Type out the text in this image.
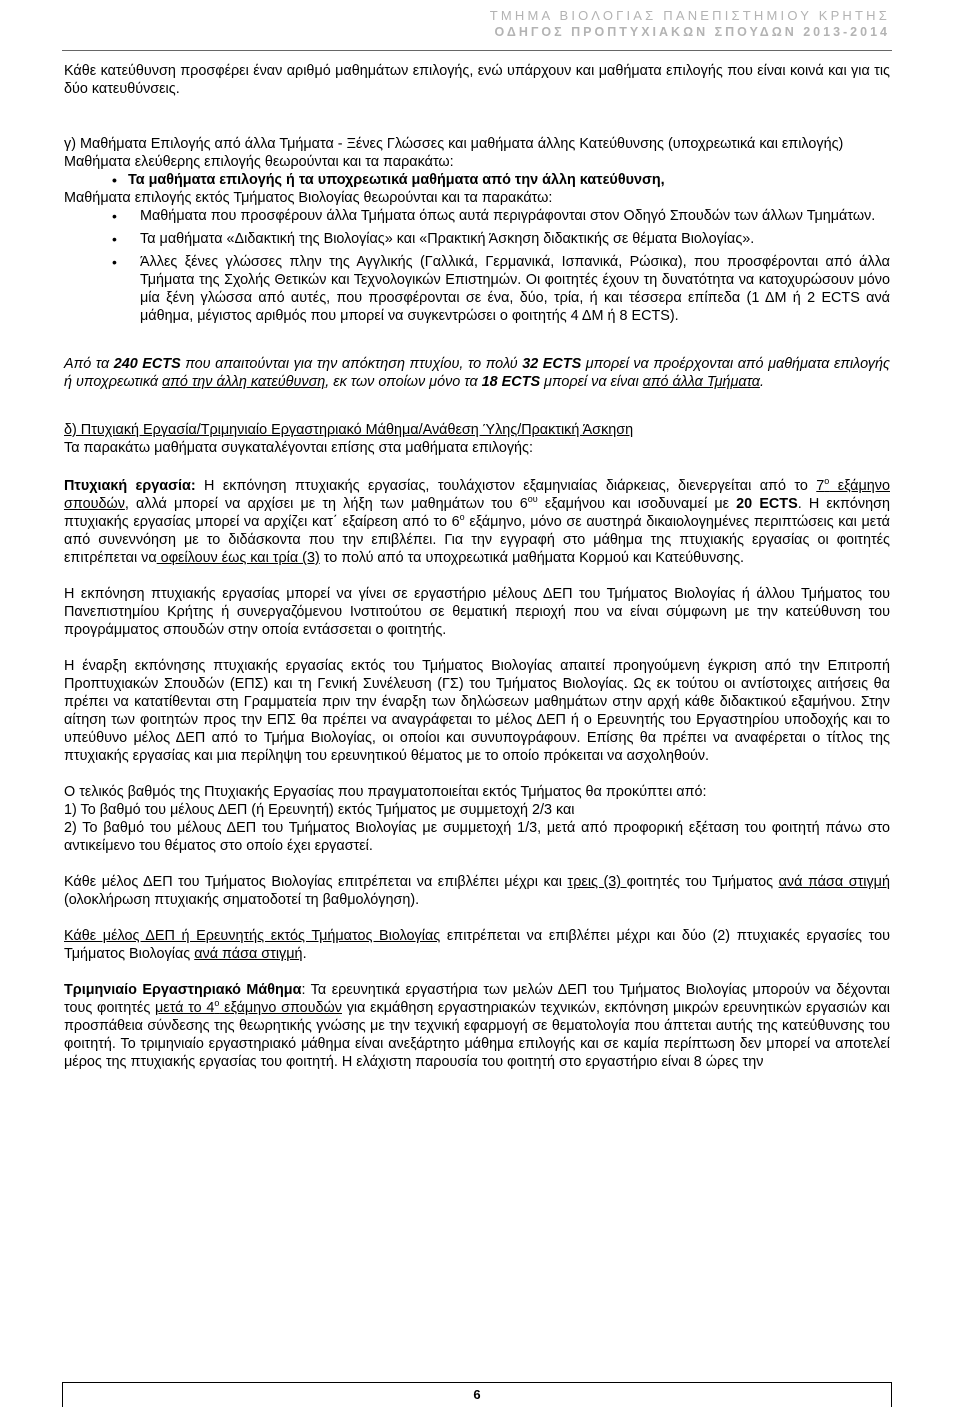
ΤΜΗΜΑ ΒΙΟΛΟΓΙΑΣ ΠΑΝΕΠΙΣΤΗΜΙΟΥ ΚΡΗΤΗΣ
ΟΔΗΓΟΣ ΠΡΟΠΤΥΧΙΑΚΩΝ ΣΠΟΥΔΩΝ 2013-2014

Κάθε κατεύθυνση προσφέρει έναν αριθμό μαθημάτων επιλογής, ενώ υπάρχουν και μαθήματα επιλογής που είναι κοινά και για τις δύο κατευθύνσεις.

γ) Μαθήματα Επιλογής από άλλα Τμήματα - Ξένες Γλώσσες και μαθήματα άλλης Κατεύθυνσης (υποχρεωτικά και επιλογής)

Μαθήματα ελεύθερης επιλογής θεωρούνται και τα παρακάτω:

• Τα μαθήματα επιλογής ή τα υποχρεωτικά μαθήματα από την άλλη κατεύθυνση,

Μαθήματα επιλογής εκτός Τμήματος Βιολογίας θεωρούνται και τα παρακάτω:

• Μαθήματα που προσφέρουν άλλα Τμήματα όπως αυτά περιγράφονται στον Οδηγό Σπουδών των άλλων Τμημάτων.
• Τα μαθήματα «Διδακτική της Βιολογίας» και «Πρακτική Άσκηση διδακτικής σε θέματα Βιολογίας».
• Άλλες ξένες γλώσσες πλην της Αγγλικής (Γαλλικά, Γερμανικά, Ισπανικά, Ρώσικα), που προσφέρονται από άλλα Τμήματα της Σχολής Θετικών και Τεχνολογικών Επιστημών. Οι φοιτητές έχουν τη δυνατότητα να κατοχυρώσουν μόνο μία ξένη γλώσσα από αυτές, που προσφέρονται σε ένα, δύο, τρία, ή και τέσσερα επίπεδα (1 ΔΜ ή 2 ECTS ανά μάθημα, μέγιστος αριθμός που μπορεί να συγκεντρώσει ο φοιτητής 4 ΔΜ ή 8 ECTS).

Από τα 240 ECTS που απαιτούνται για την απόκτηση πτυχίου, το πολύ 32 ECTS μπορεί να προέρχονται από μαθήματα επιλογής ή υποχρεωτικά από την άλλη κατεύθυνση, εκ των οποίων μόνο τα 18 ECTS μπορεί να είναι από άλλα Τμήματα.

δ) Πτυχιακή Εργασία/Τριμηνιαίο Εργαστηριακό Μάθημα/Ανάθεση Ύλης/Πρακτική Άσκηση

Τα παρακάτω μαθήματα συγκαταλέγονται επίσης στα μαθήματα επιλογής:

Πτυχιακή εργασία: Η εκπόνηση πτυχιακής εργασίας, τουλάχιστον εξαμηνιαίας διάρκειας, διενεργείται από το $7^o$ εξάμηνο σπουδών, αλλά μπορεί να αρχίσει με τη λήξη των μαθημάτων του $6^{o\upsilon}$ εξαμήνου και ισοδυναμεί με 20 ECTS. Η εκπόνηση πτυχιακής εργασίας μπορεί να αρχίζει κατ΄ εξαίρεση από το $6^o$ εξάμηνο, μόνο σε αυστηρά δικαιολογημένες περιπτώσεις και μετά από συνεννόηση με το διδάσκοντα που την επιβλέπει. Για την εγγραφή στο μάθημα της πτυχιακής εργασίας οι φοιτητές επιτρέπεται να οφείλουν έως και τρία (3) το πολύ από τα υποχρεωτικά μαθήματα Κορμού και Κατεύθυνσης.

Η εκπόνηση πτυχιακής εργασίας μπορεί να γίνει σε εργαστήριο μέλους ΔΕΠ του Τμήματος Βιολογίας ή άλλου Τμήματος του Πανεπιστημίου Κρήτης ή συνεργαζόμενου Ινστιτούτου σε θεματική περιοχή που να είναι σύμφωνη με την κατεύθυνση του προγράμματος σπουδών στην οποία εντάσσεται ο φοιτητής.

Η έναρξη εκπόνησης πτυχιακής εργασίας εκτός του Τμήματος Βιολογίας απαιτεί προηγούμενη έγκριση από την Επιτροπή Προπτυχιακών Σπουδών (ΕΠΣ) και τη Γενική Συνέλευση (ΓΣ) του Τμήματος Βιολογίας. Ως εκ τούτου οι αντίστοιχες αιτήσεις θα πρέπει να κατατίθενται στη Γραμματεία πριν την έναρξη των δηλώσεων μαθημάτων στην αρχή κάθε διδακτικού εξαμήνου. Στην αίτηση των φοιτητών προς την ΕΠΣ θα πρέπει να αναγράφεται το μέλος ΔΕΠ ή ο Ερευνητής του Εργαστηρίου υποδοχής και το υπεύθυνο μέλος ΔΕΠ από το Τμήμα Βιολογίας, οι οποίοι και συνυπογράφουν. Επίσης θα πρέπει να αναφέρεται ο τίτλος της πτυχιακής εργασίας και μια περίληψη του ερευνητικού θέματος με το οποίο πρόκειται να ασχοληθούν.

Ο τελικός βαθμός της Πτυχιακής Εργασίας που πραγματοποιείται εκτός Τμήματος θα προκύπτει από:

1) Το βαθμό του μέλους ΔΕΠ (ή Ερευνητή) εκτός Τμήματος με συμμετοχή 2/3 και

2) Το βαθμό του μέλους ΔΕΠ του Τμήματος Βιολογίας με συμμετοχή 1/3, μετά από προφορική εξέταση του φοιτητή πάνω στο αντικείμενο του θέματος στο οποίο έχει εργαστεί.

Κάθε μέλος ΔΕΠ του Τμήματος Βιολογίας επιτρέπεται να επιβλέπει μέχρι και τρεις (3) φοιτητές του Τμήματος ανά πάσα στιγμή (ολοκλήρωση πτυχιακής σηματοδοτεί τη βαθμολόγηση).

Κάθε μέλος ΔΕΠ ή Ερευνητής εκτός Τμήματος Βιολογίας επιτρέπεται να επιβλέπει μέχρι και δύο (2) πτυχιακές εργασίες του Τμήματος Βιολογίας ανά πάσα στιγμή.

Τριμηνιαίο Εργαστηριακό Μάθημα: Τα ερευνητικά εργαστήρια των μελών ΔΕΠ του Τμήματος Βιολογίας μπορούν να δέχονται τους φοιτητές μετά το $4^o$ εξάμηνο σπουδών για εκμάθηση εργαστηριακών τεχνικών, εκπόνηση μικρών ερευνητικών εργασιών και προσπάθεια σύνδεσης της θεωρητικής γνώσης με την τεχνική εφαρμογή σε θεματολογία που άπτεται αυτής της κατεύθυνσης του φοιτητή. Το τριμηνιαίο εργαστηριακό μάθημα είναι ανεξάρτητο μάθημα επιλογής και σε καμία περίπτωση δεν μπορεί να αποτελεί μέρος της πτυχιακής εργασίας του φοιτητή. Η ελάχιστη παρουσία του φοιτητή στο εργαστήριο είναι 8 ώρες την

6
